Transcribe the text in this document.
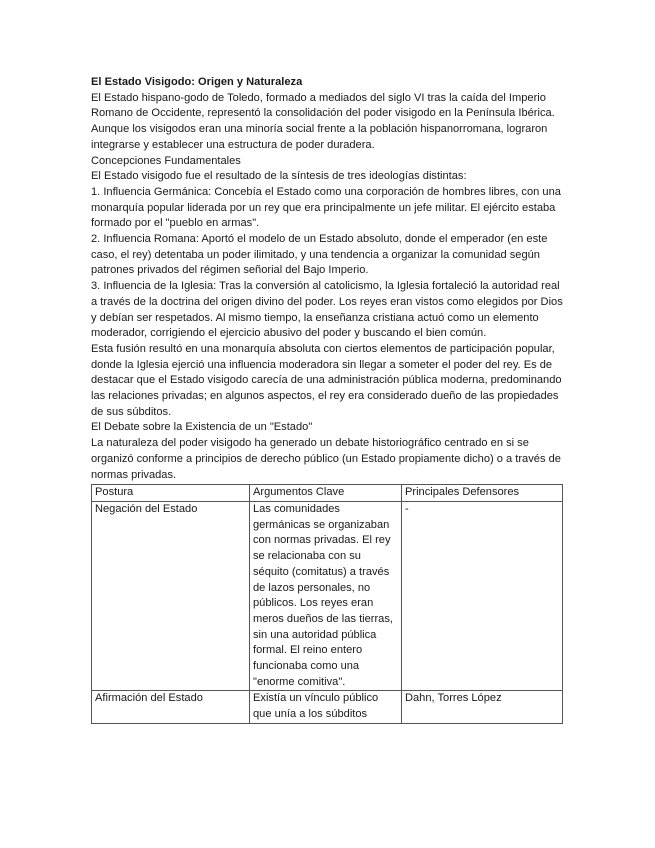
El Estado Visigodo: Origen y Naturaleza

El Estado hispano-godo de Toledo, formado a mediados del siglo VI tras la caída del Imperio Romano de Occidente, representó la consolidación del poder visigodo en la Península Ibérica. Aunque los visigodos eran una minoría social frente a la población hispanorromana, lograron integrarse y establecer una estructura de poder duradera.

Concepciones Fundamentales

El Estado visigodo fue el resultado de la síntesis de tres ideologías distintas:

1. Influencia Germánica: Concebía el Estado como una corporación de hombres libres, con una monarquía popular liderada por un rey que era principalmente un jefe militar. El ejército estaba formado por el "pueblo en armas".

2. Influencia Romana: Aportó el modelo de un Estado absoluto, donde el emperador (en este caso, el rey) detentaba un poder ilimitado, y una tendencia a organizar la comunidad según patrones privados del régimen señorial del Bajo Imperio.

3. Influencia de la Iglesia: Tras la conversión al catolicismo, la Iglesia fortaleció la autoridad real a través de la doctrina del origen divino del poder. Los reyes eran vistos como elegidos por Dios y debían ser respetados. Al mismo tiempo, la enseñanza cristiana actuó como un elemento moderador, corrigiendo el ejercicio abusivo del poder y buscando el bien común.

Esta fusión resultó en una monarquía absoluta con ciertos elementos de participación popular, donde la Iglesia ejerció una influencia moderadora sin llegar a someter el poder del rey. Es de destacar que el Estado visigodo carecía de una administración pública moderna, predominando las relaciones privadas; en algunos aspectos, el rey era considerado dueño de las propiedades de sus súbditos.

El Debate sobre la Existencia de un "Estado"

La naturaleza del poder visigodo ha generado un debate historiográfico centrado en si se organizó conforme a principios de derecho público (un Estado propiamente dicho) o a través de normas privadas.

Postura	Argumentos Clave	Principales Defensores
Negación del Estado	Las comunidades germánicas se organizaban con normas privadas. El rey se relacionaba con su séquito (comitatus) a través de lazos personales, no públicos. Los reyes eran meros dueños de las tierras, sin una autoridad pública formal. El reino entero funcionaba como una "enorme comitiva".	-
Afirmación del Estado	Existía un vínculo público que unía a los súbditos	Dahn, Torres López
